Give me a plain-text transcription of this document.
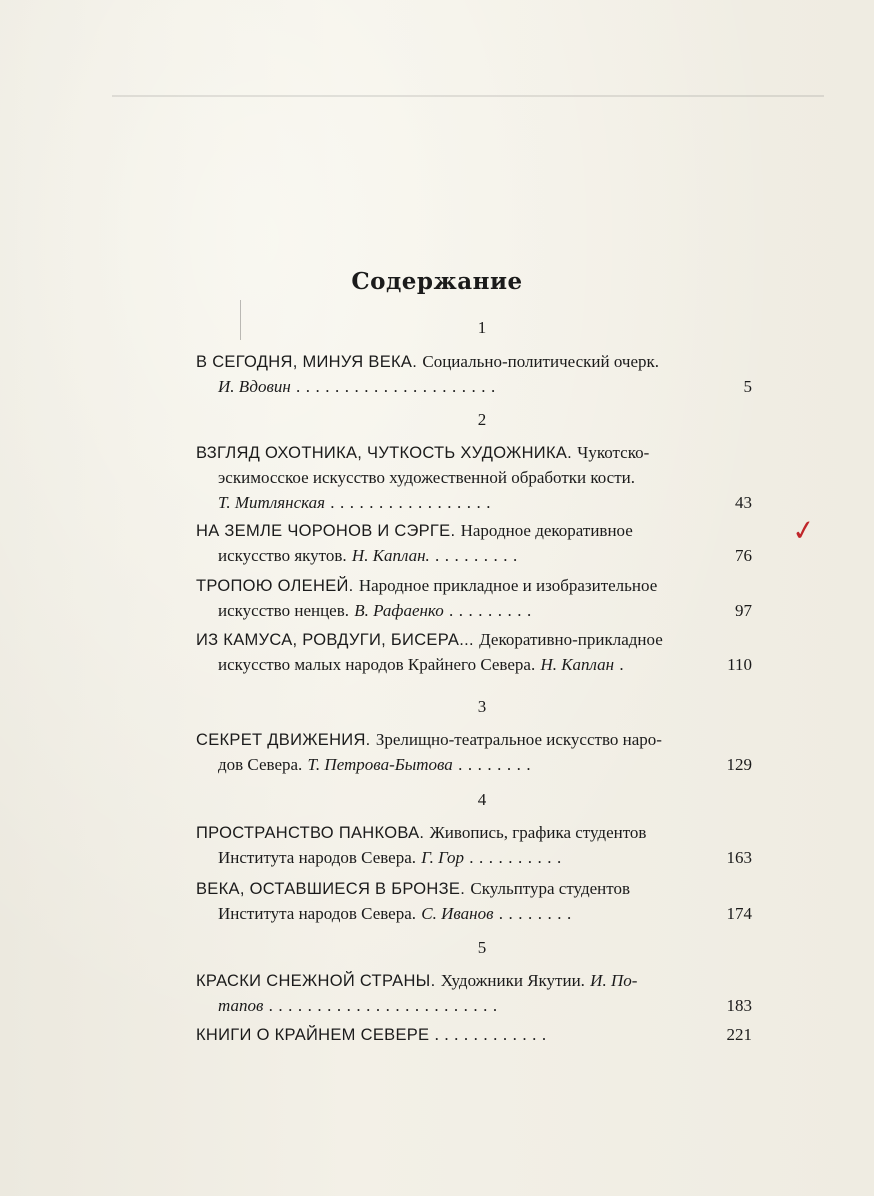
Содержание
1
В СЕГОДНЯ, МИНУЯ ВЕКА. Социально-политический очерк.
И. Вдовин .....................	5
2
ВЗГЛЯД ОХОТНИКА, ЧУТКОСТЬ ХУДОЖНИКА. Чукотско-
эскимосское искусство художественной обработки кости.
Т. Митлянская .................	43
НА ЗЕМЛЕ ЧОРОНОВ И СЭРГЕ. Народное декоративное
искусство якутов. Н. Каплан. .........	76
ТРОПОЮ ОЛЕНЕЙ. Народное прикладное и изобразительное
искусство ненцев. В. Рафаенко .........	97
ИЗ КАМУСА, РОВДУГИ, БИСЕРА... Декоративно-прикладное
искусство малых народов Крайнего Севера. Н. Каплан .	110
3
СЕКРЕТ ДВИЖЕНИЯ. Зрелищно-театральное искусство наро-
дов Севера. Т. Петрова-Бытова ........	129
4
ПРОСТРАНСТВО ПАНКОВА. Живопись, графика студентов
Института народов Севера. Г. Гор ..........	163
ВЕКА, ОСТАВШИЕСЯ В БРОНЗЕ. Скульптура студентов
Института народов Севера. С. Иванов ........	174
5
КРАСКИ СНЕЖНОЙ СТРАНЫ. Художники Якутии. И. По-
тапов ........................	183
КНИГИ О КРАЙНЕМ СЕВЕРЕ ............	221
✓
